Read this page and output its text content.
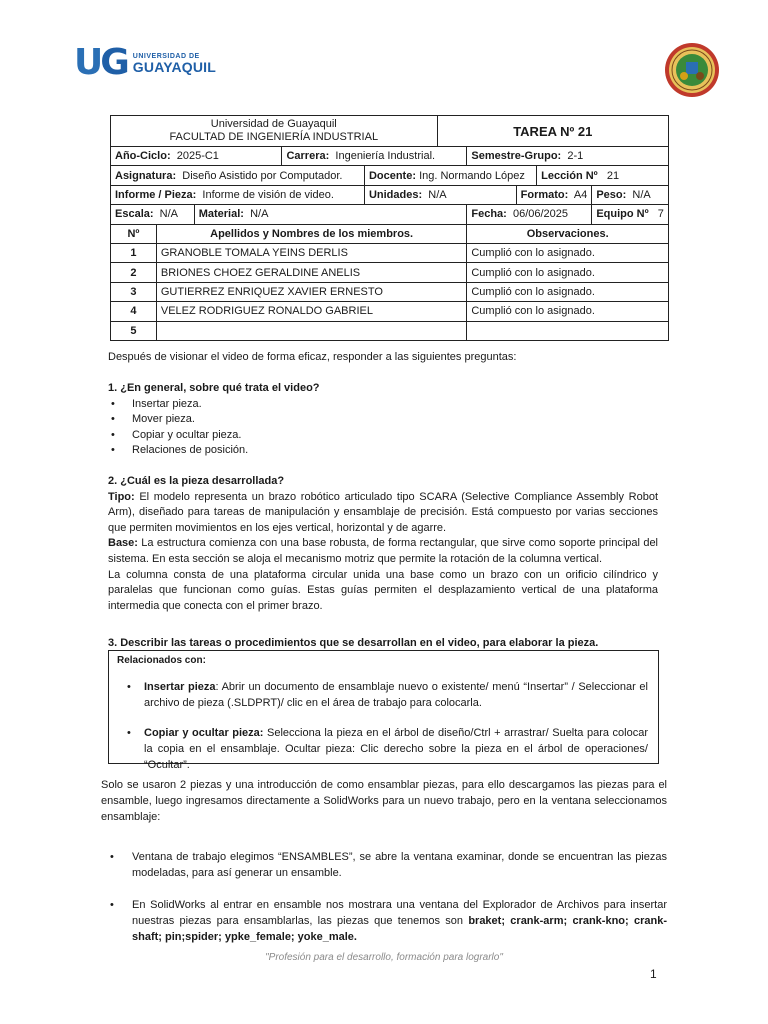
UG UNIVERSIDAD DE
GUAYAQUIL
Universidad de Guayaquil
FACULTAD DE INGENIERÍA INDUSTRIAL					TAREA Nº 21				
Año-Ciclo: 2025-C1			Carrera: Ingeniería Industrial.			Semestre-Grupo: 2-1			
Asignatura: Diseño Asistido por Computador.				Docente: Ing. Normando López				Lección Nº 21	
Informe / Pieza: Informe de visión de video.				Unidades: N/A			Formato: A4		Peso: N/A
Escala: N/A		Material: N/A				Fecha: 06/06/2025			Equipo Nº 7
Nº	Apellidos y Nombres de los miembros.					Observaciones.			
1	GRANOBLE TOMALA YEINS DERLIS					Cumplió con lo asignado.			
2	BRIONES CHOEZ GERALDINE ANELIS					Cumplió con lo asignado.			
3	GUTIERREZ ENRIQUEZ XAVIER ERNESTO					Cumplió con lo asignado.			
4	VELEZ RODRIGUEZ RONALDO GABRIEL					Cumplió con lo asignado.			
5									
Después de visionar el video de forma eficaz, responder a las siguientes preguntas:
1. ¿En general, sobre qué trata el video?
• Insertar pieza.
• Mover pieza.
• Copiar y ocultar pieza.
• Relaciones de posición.
2. ¿Cuál es la pieza desarrollada?
Tipo: El modelo representa un brazo robótico articulado tipo SCARA (Selective Compliance Assembly Robot Arm), diseñado para tareas de manipulación y ensamblaje de precisión. Está compuesto por varias secciones que permiten movimientos en los ejes vertical, horizontal y de agarre.
Base: La estructura comienza con una base robusta, de forma rectangular, que sirve como soporte principal del sistema. En esta sección se aloja el mecanismo motriz que permite la rotación de la columna vertical.
La columna consta de una plataforma circular unida una base como un brazo con un orificio cilíndrico y paralelas que funcionan como guías. Estas guías permiten el desplazamiento vertical de una plataforma intermedia que conecta con el primer brazo.
3. Describir las tareas o procedimientos que se desarrollan en el video, para elaborar la pieza.
Relacionados con:
• Insertar pieza: Abrir un documento de ensamblaje nuevo o existente/ menú “Insertar” / Seleccionar el archivo de pieza (.SLDPRT)/ clic en el área de trabajo para colocarla.
• Copiar y ocultar pieza: Selecciona la pieza en el árbol de diseño/Ctrl + arrastrar/ Suelta para colocar la copia en el ensamblaje. Ocultar pieza: Clic derecho sobre la pieza en el árbol de operaciones/ “Ocultar”.
Solo se usaron 2 piezas y una introducción de como ensamblar piezas, para ello descargamos las piezas para el ensamble, luego ingresamos directamente a SolidWorks para un nuevo trabajo, pero en la ventana seleccionamos ensamblaje:
• Ventana de trabajo elegimos “ENSAMBLES”, se abre la ventana examinar, donde se encuentran las piezas modeladas, para así generar un ensamble.
• En SolidWorks al entrar en ensamble nos mostrara una ventana del Explorador de Archivos para insertar nuestras piezas para ensamblarlas, las piezas que tenemos son braket; crank-arm; crank-kno; crank-shaft; pin;spider; ypke_female; yoke_male.
"Profesión para el desarrollo, formación para lograrlo"
1
